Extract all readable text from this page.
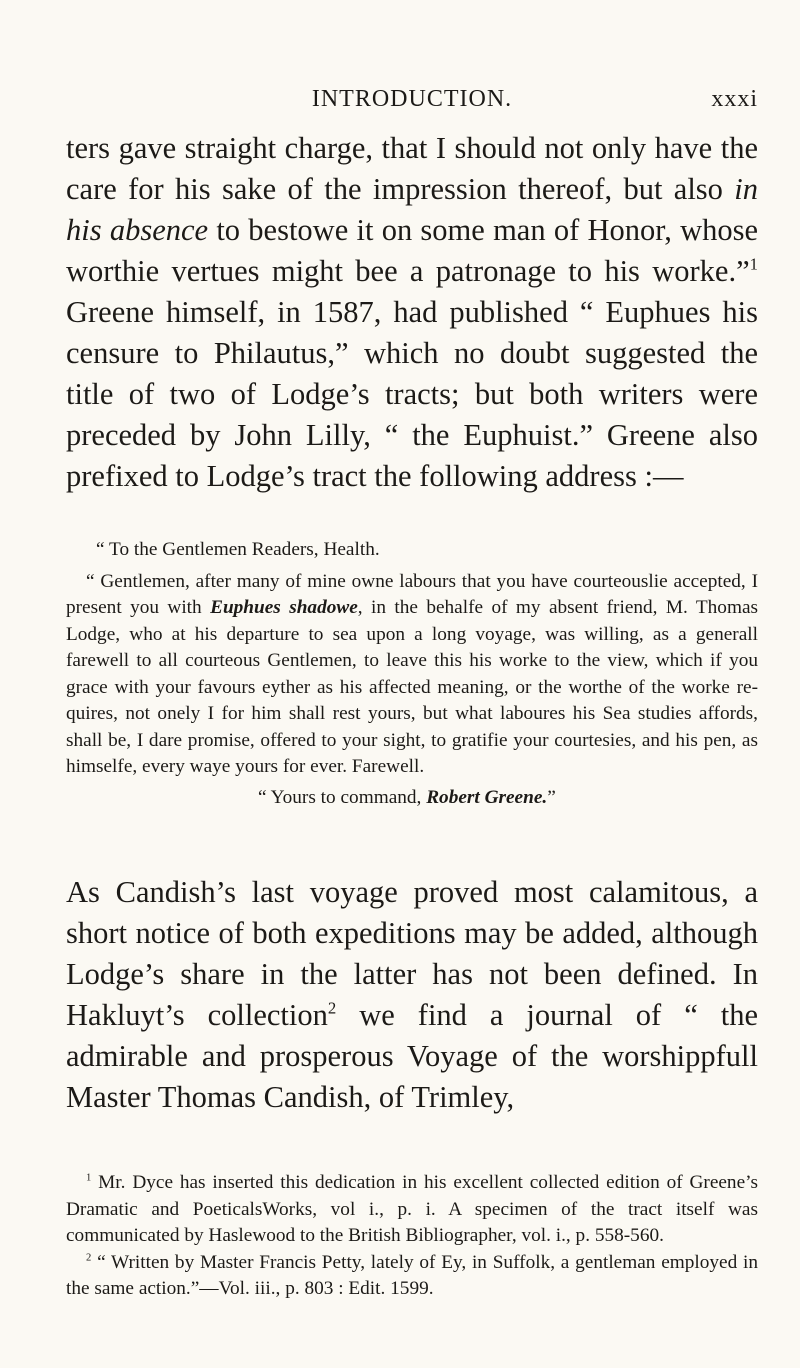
INTRODUCTION.	xxxi

ters gave straight charge, that I should not only have the care for his sake of the impression thereof, but also in his absence to bestowe it on some man of Honor, whose worthie vertues might bee a patronage to his worke.”$^1$ Greene himself, in 1587, had published “ Euphues his censure to Philautus,” which no doubt suggested the title of two of Lodge’s tracts; but both writers were preceded by John Lilly, “ the Euphuist.” Greene also prefixed to Lodge’s tract the following address :—

“ To the Gentlemen Readers, Health.

“ Gentlemen, after many of mine owne labours that you have courteouslie accepted, I present you with Euphues shadowe, in the behalfe of my absent friend, M. Thomas Lodge, who at his departure to sea upon a long voyage, was willing, as a generall farewell to all courteous Gentlemen, to leave this his worke to the view, which if you grace with your favours eyther as his affected meaning, or the worthe of the worke requires, not onely I for him shall rest yours, but what laboures his Sea studies affords, shall be, I dare promise, offered to your sight, to gratifie your courtesies, and his pen, as himselfe, every waye yours for ever. Farewell.

“ Yours to command, Robert Greene.”

As Candish’s last voyage proved most calamitous, a short notice of both expeditions may be added, although Lodge’s share in the latter has not been defined. In Hakluyt’s collection$^2$ we find a journal of “ the admirable and prosperous Voyage of the worshippfull Master Thomas Candish, of Trimley,

$^1$ Mr. Dyce has inserted this dedication in his excellent collected edition of Greene’s Dramatic and PoeticalsWorks, vol i., p. i. A specimen of the tract itself was communicated by Haslewood to the British Bibliographer, vol. i., p. 558-560.

$^2$ “ Written by Master Francis Petty, lately of Ey, in Suffolk, a gentleman employed in the same action.”—Vol. iii., p. 803 : Edit. 1599.
